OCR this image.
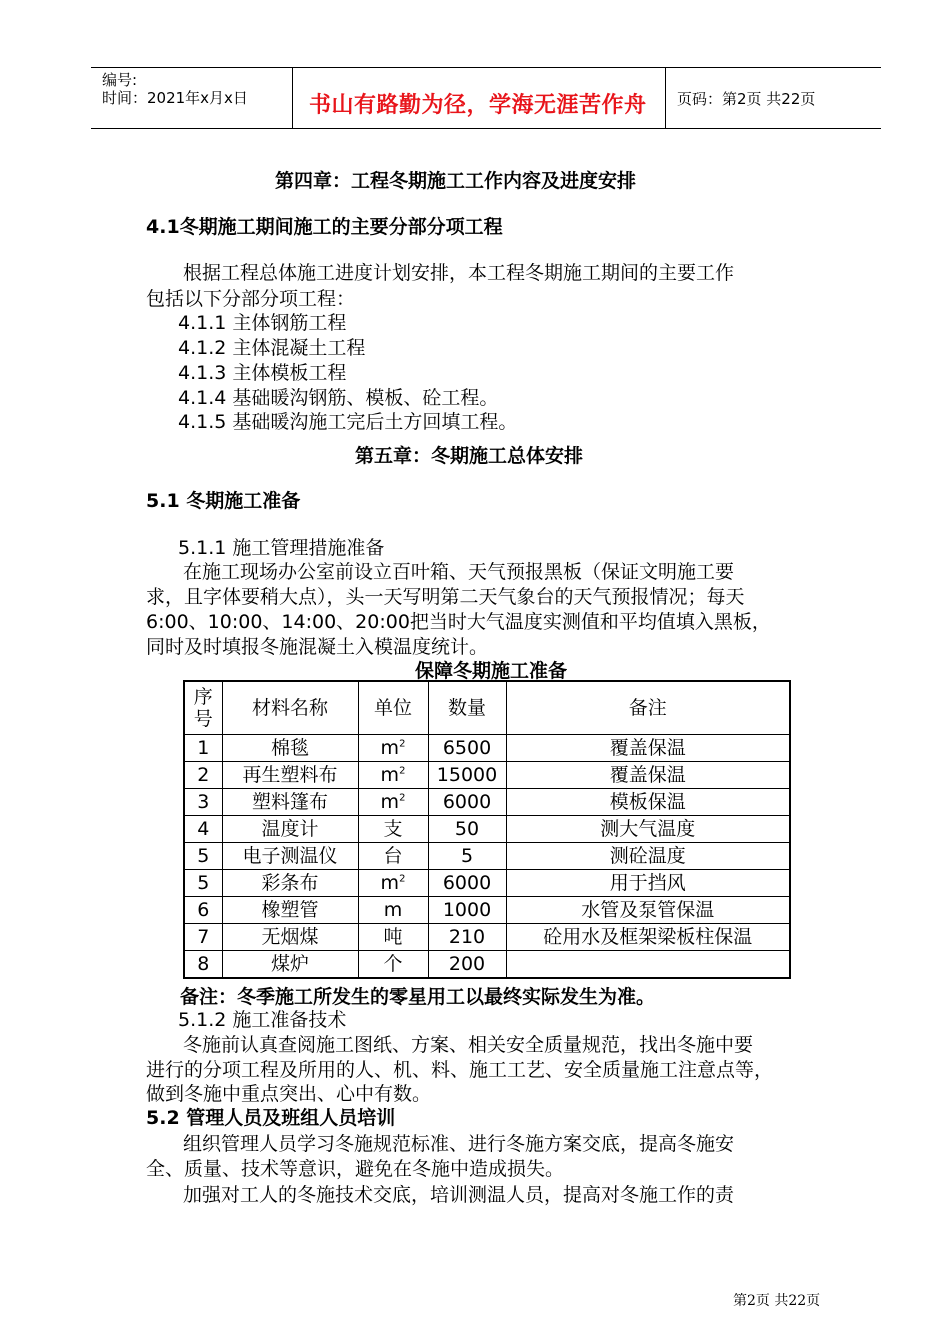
编号:
时间：2021年x月x日	书山有路勤为径，学海无涯苦作舟 页码：第2页 共22页
第四章：工程冬期施工工作内容及进度安排
4.1冬期施工期间施工的主要分部分项工程
根据工程总体施工进度计划安排，本工程冬期施工期间的主要工作
包括以下分部分项工程：
4.1.1 主体钢筋工程
4.1.2 主体混凝土工程
4.1.3 主体模板工程
4.1.4 基础暖沟钢筋、模板、砼工程。
4.1.5 基础暖沟施工完后土方回填工程。
第五章：冬期施工总体安排
5.1 冬期施工准备
5.1.1 施工管理措施准备
在施工现场办公室前设立百叶箱、天气预报黑板（保证文明施工要
求，且字体要稍大点），头一天写明第二天气象台的天气预报情况；每天
6:00、10:00、14:00、20:00把当时大气温度实测值和平均值填入黑板，
同时及时填报冬施混凝土入模温度统计。
保障冬期施工准备
序号	材料名称	单位	数量	备注
1	棉毯	$m^2$	6500	覆盖保温
2	再生塑料布	$m^2$	15000	覆盖保温
3	塑料篷布	$m^2$	6000	模板保温
4	温度计	支	50	测大气温度
5	电子测温仪	台	5	测砼温度
5	彩条布	$m^2$	6000	用于挡风
6	橡塑管	m	1000	水管及泵管保温
7	无烟煤	吨	210	砼用水及框架梁板柱保温
8	煤炉	个	200	
备注：冬季施工所发生的零星用工以最终实际发生为准。
5.1.2 施工准备技术
冬施前认真查阅施工图纸、方案、相关安全质量规范，找出冬施中要
进行的分项工程及所用的人、机、料、施工工艺、安全质量施工注意点等，
做到冬施中重点突出、心中有数。
5.2 管理人员及班组人员培训
组织管理人员学习冬施规范标准、进行冬施方案交底，提高冬施安
全、质量、技术等意识，避免在冬施中造成损失。
加强对工人的冬施技术交底，培训测温人员，提高对冬施工作的责
第2页 共22页
